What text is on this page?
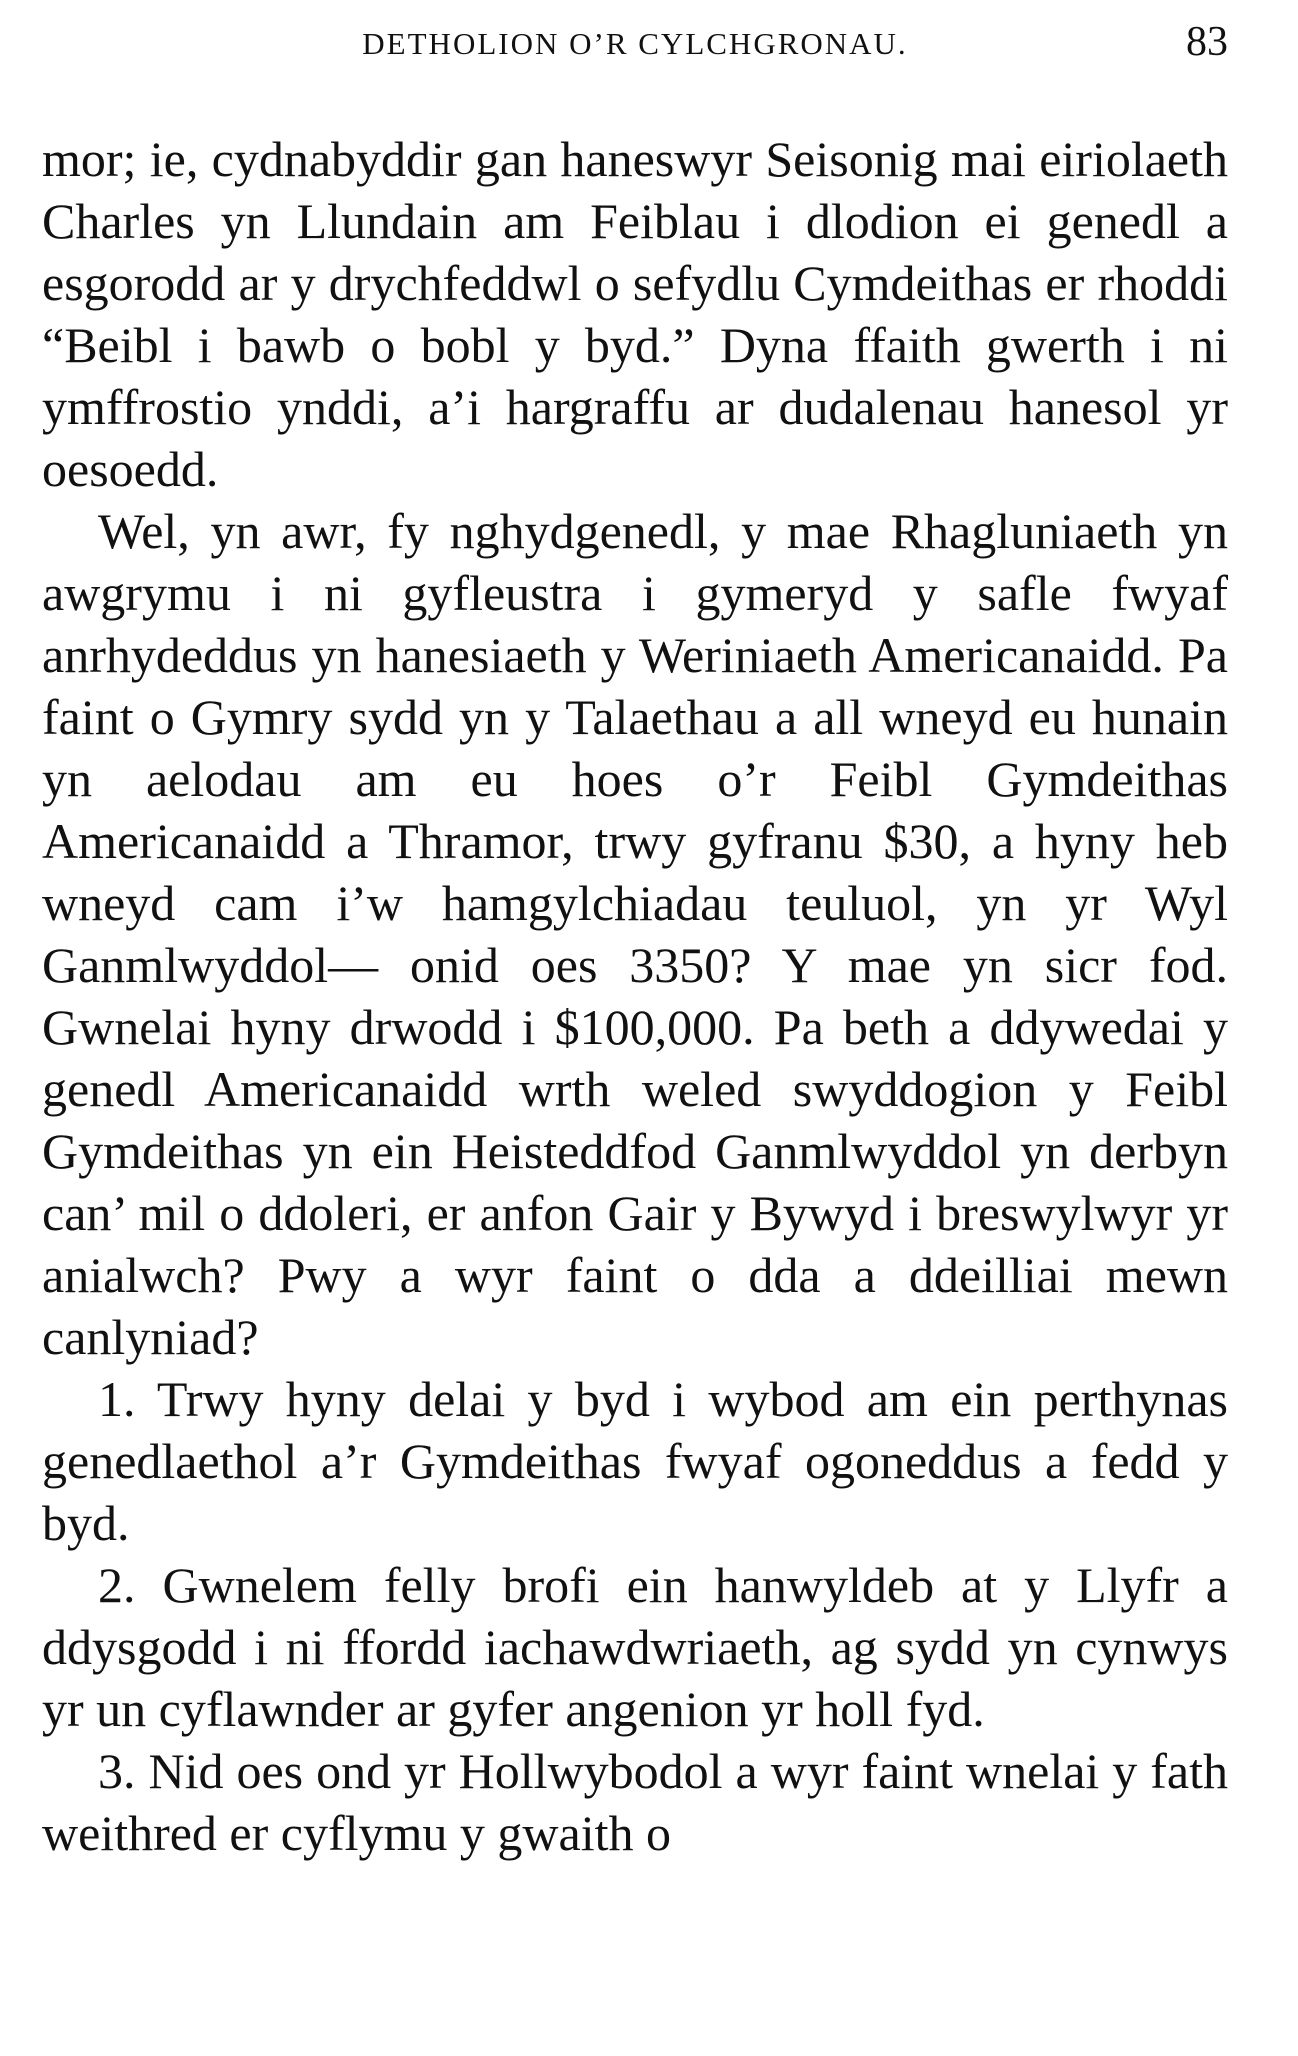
DETHOLION O’R CYLCHGRONAU.	83

mor; ie, cydnabyddir gan haneswyr Seisonig mai eiriolaeth Charles yn Llundain am Feiblau i dlodion ei genedl a esgorodd ar y drychfeddwl o sefydlu Cymdeithas er rhoddi “Beibl i bawb o bobl y byd.” Dyna ffaith gwerth i ni ymffrostio ynddi, a’i hargraffu ar dudalenau hanesol yr oesoedd.

Wel, yn awr, fy nghydgenedl, y mae Rhagluniaeth yn awgrymu i ni gyfleustra i gymeryd y safle fwyaf anrhydeddus yn hanesiaeth y Weriniaeth Americanaidd. Pa faint o Gymry sydd yn y Talaethau a all wneyd eu hunain yn aelodau am eu hoes o’r Feibl Gymdeithas Americanaidd a Thramor, trwy gyfranu $30, a hyny heb wneyd cam i’w hamgylchiadau teuluol, yn yr Wyl Ganmlwyddol— onid oes 3350? Y mae yn sicr fod. Gwnelai hyny drwodd i $100,000. Pa beth a ddywedai y genedl Americanaidd wrth weled swyddogion y Feibl Gymdeithas yn ein Heisteddfod Ganmlwyddol yn derbyn can’ mil o ddoleri, er anfon Gair y Bywyd i breswylwyr yr anialwch? Pwy a wyr faint o dda a ddeilliai mewn canlyniad?

1. Trwy hyny delai y byd i wybod am ein perthynas genedlaethol a’r Gymdeithas fwyaf ogoneddus a fedd y byd.

2. Gwnelem felly brofi ein hanwyldeb at y Llyfr a ddysgodd i ni ffordd iachawdwriaeth, ag sydd yn cynwys yr un cyflawnder ar gyfer angenion yr holl fyd.

3. Nid oes ond yr Hollwybodol a wyr faint wnelai y fath weithred er cyflymu y gwaith o
